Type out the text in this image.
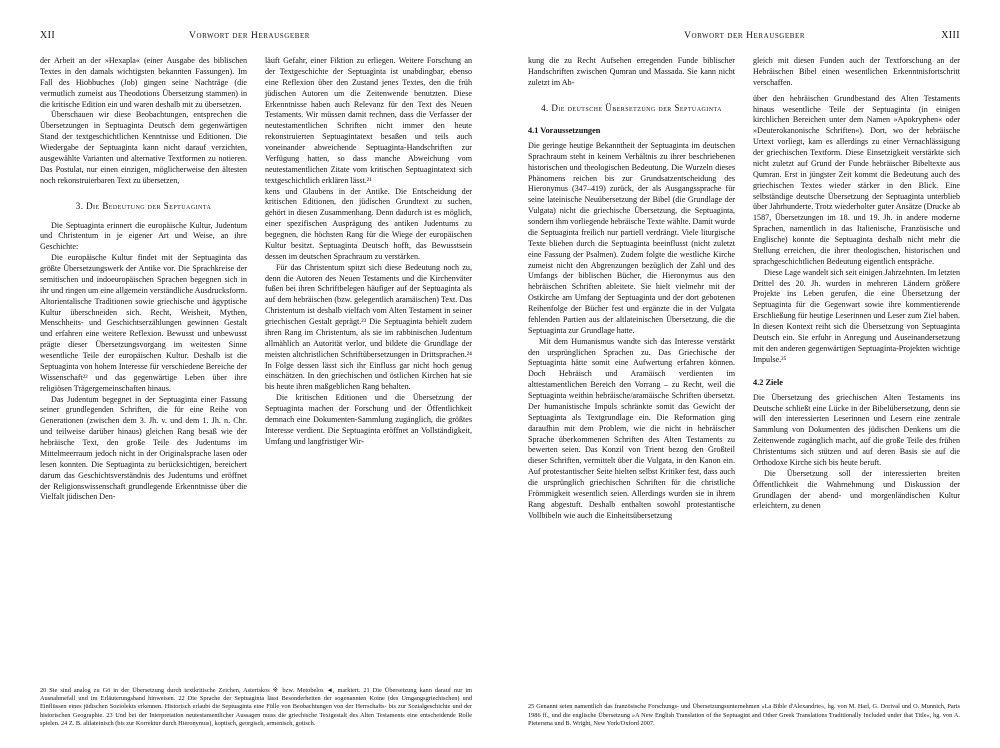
XII	Vorwort der Herausgeber

der Arbeit an der »Hexapla« (einer Ausgabe des biblischen Textes in den damals wichtigsten bekannten Fassungen). Im Fall des Hiobbuches (Job) gingen seine Nachträge (die vermutlich zumeist aus Theodotions Übersetzung stammen) in die kritische Edition ein und waren deshalb mit zu übersetzen.

Überschauen wir diese Beobachtungen, entsprechen die Übersetzungen in Septuaginta Deutsch dem gegenwärtigen Stand der textgeschichtlichen Kenntnisse und Editionen. Die Wiedergabe der Septuaginta kann nicht darauf verzichten, ausgewählte Varianten und alternative Textformen zu notieren. Das Postulat, nur einen einzigen, möglicherweise den ältesten noch rekonstruierbaren Text zu übersetzen,

3. Die Bedeutung der Septuaginta

Die Septuaginta erinnert die europäische Kultur, Judentum und Christentum in je eigener Art und Weise, an ihre Geschichte:

Die europäische Kultur findet mit der Septuaginta das größte Übersetzungswerk der Antike vor. Die Sprachkreise der semitischen und indoeuropäischen Sprachen begegnen sich in ihr und ringen um eine allgemein verständliche Ausdrucksform. Altorientalische Traditionen sowie griechische und ägyptische Kultur überschneiden sich. Recht, Weisheit, Mythen, Menschheits- und Geschichtserzählungen gewinnen Gestalt und erfahren eine weitere Reflexion. Bewusst und unbewusst prägte dieser Übersetzungsvorgang im weitesten Sinne wesentliche Teile der europäischen Kultur. Deshalb ist die Septuaginta von hohem Interesse für verschiedene Bereiche der Wissenschaft²² und das gegenwärtige Leben über ihre religiösen Trägergemeinschaften hinaus.

Das Judentum begegnet in der Septuaginta einer Fassung seiner grundlegenden Schriften, die für eine Reihe von Generationen (zwischen dem 3. Jh. v. und dem 1. Jh. n. Chr. und teilweise darüber hinaus) gleichen Rang besaß wie der hebräische Text, den große Teile des Judentums im Mittelmeerraum jedoch nicht in der Originalsprache lasen oder lesen konnten. Die Septuaginta zu berücksichtigen, bereichert darum das Geschichtsverständnis des Judentums und eröffnet der Religionswissenschaft grundlegende Erkenntnisse über die Vielfalt jüdischen Den-

läuft Gefahr, einer Fiktion zu erliegen. Weitere Forschung an der Textgeschichte der Septuaginta ist unabdingbar, ebenso eine Reflexion über den Zustand jenes Textes, den die früh jüdischen Autoren um die Zeitenwende benutzten. Diese Erkenntnisse haben auch Relevanz für den Text des Neuen Testaments. Wir müssen damit rechnen, dass die Verfasser der neutestamentlichen Schriften nicht immer den heute rekonstruierten Septuagintatext besaßen und teils auch voneinander abweichende Septuaginta-Handschriften zur Verfügung hatten, so dass manche Abweichung vom neutestamentlichen Zitate vom kritischen Septuagintatext sich textgeschichtlich erklären lässt.²¹

kens und Glaubens in der Antike. Die Entscheidung der kritischen Editionen, den jüdischen Grundtext zu suchen, gehört in diesen Zusammenhang. Denn dadurch ist es möglich, einer spezifischen Ausprägung des antiken Judentums zu begegnen, die höchsten Rang für die Wiege der europäischen Kultur besitzt. Septuaginta Deutsch hofft, das Bewusstsein dessen im deutschen Sprachraum zu verstärken.

Für das Christentum spitzt sich diese Bedeutung noch zu, denn die Autoren des Neuen Testaments und die Kirchenväter fußen bei ihren Schriftbelegen häufiger auf der Septuaginta als auf dem hebräischen (bzw. gelegentlich aramäischen) Text. Das Christentum ist deshalb vielfach vom Alten Testament in seiner griechischen Gestalt geprägt.²³ Die Septuaginta behielt zudem ihren Rang im Christentum, als sie im rabbinischen Judentum allmählich an Autorität verlor, und bildete die Grundlage der meisten altchristlichen Schriftübersetzungen in Drittsprachen.²⁴ In Folge dessen lässt sich ihr Einfluss gar nicht hoch genug einschätzen. In den griechischen und östlichen Kirchen hat sie bis heute ihren maßgeblichen Rang behalten.

Die kritischen Editionen und die Übersetzung der Septuaginta machen der Forschung und der Öffentlichkeit demnach eine Dokumenten-Sammlung zugänglich, die größtes Interesse verdient. Die Septuaginta eröffnet an Vollständigkeit, Umfang und langfristiger Wir-

20 Sie sind analog zu Gö in der Übersetzung durch textkritische Zeichen, Asteriskos ※ bzw. Metobelos ◄, markiert. 21 Die Übersetzung kann darauf nur im Ausnahmefall und im Erläuterungsband hinweisen. 22 Die Sprache der Septuaginta lässt Besonderheiten der sogenannten Koine (des Umgangsgriechischen) und Einflüssen eines jüdischen Soziolekts erkennen. Historisch erlaubt die Septuaginta eine Fülle von Beobachtungen von der Herrschafts- bis zur Sozialgeschichte und der historischen Geographie. 23 Und bei der Interpretation neutestamentlicher Aussagen muss die griechische Textgestalt des Alten Testaments eine entscheidende Rolle spielen. 24 Z. B. altlateinisch (bis zur Korrektur durch Hieronymus), koptisch, georgisch, armenisch, gotisch.
Vorwort der Herausgeber	XIII

kung die zu Recht Aufsehen erregenden Funde biblischer Handschriften zwischen Qumran und Massada. Sie kann nicht zuletzt im Ab-

4. Die deutsche Übersetzung der Septuaginta
4.1 Voraussetzungen

Die geringe heutige Bekanntheit der Septuaginta im deutschen Sprachraum steht in keinem Verhältnis zu ihrer beschriebenen historischen und theologischen Bedeutung. Die Wurzeln dieses Phänomens reichen bis zur Grundsatzentscheidung des Hieronymus (347–419) zurück, der als Ausgangssprache für seine lateinische Neuübersetzung der Bibel (die Grundlage der Vulgata) nicht die griechische Übersetzung, die Septuaginta, sondern ihm vorliegende hebräische Texte wählte. Damit wurde die Septuaginta freilich nur partiell verdrängt. Viele liturgische Texte blieben durch die Septuaginta beeinflusst (nicht zuletzt eine Fassung der Psalmen). Zudem folgte die westliche Kirche zumeist nicht den Abgrenzungen bezüglich der Zahl und des Umfangs der biblischen Bücher, die Hieronymus aus den hebräischen Schriften ableitete. Sie hielt vielmehr mit der Ostkirche am Umfang der Septuaginta und der dort gebotenen Reihenfolge der Bücher fest und ergänzte die in der Vulgata fehlenden Partien aus der altlateinischen Übersetzung, die die Septuaginta zur Grundlage hatte.

Mit dem Humanismus wandte sich das Interesse verstärkt den ursprünglichen Sprachen zu. Das Griechische der Septuaginta hätte somit eine Aufwertung erfahren können. Doch Hebräisch und Aramäisch verdienten im alttestamentlichen Bereich den Vorrang – zu Recht, weil die Septuaginta weithin hebräische/aramäische Schriften übersetzt. Der humanistische Impuls schränkte somit das Gewicht der Septuaginta als Textgrundlage ein. Die Reformation ging daraufhin mit dem Problem, wie die nicht in hebräischer Sprache überkommenen Schriften des Alten Testaments zu bewerten seien. Das Konzil von Trient bezog den Großteil dieser Schriften, vermittelt über die Vulgata, in den Kanon ein. Auf protestantischer Seite hielten selbst Kritiker fest, dass auch die ursprünglich griechischen Schriften für die christliche Frömmigkeit wesentlich seien. Allerdings wurden sie in ihrem Rang abgestuft. Deshalb enthalten sowohl protestantische Vollbibeln wie auch die Einheitsübersetzung

gleich mit diesen Funden auch der Textforschung an der Hebräischen Bibel einen wesentlichen Erkenntnisfortschritt verschaffen.

über den hebräischen Grundbestand des Alten Testaments hinaus wesentliche Teile der Septuaginta (in einigen kirchlichen Bereichen unter dem Namen »Apokryphen« oder »Deuterokanonische Schriften«). Dort, wo der hebräische Urtext vorliegt, kam es allerdings zu einer Vernachlässigung der griechischen Textform. Diese Einsetzigkeit verstärkte sich nicht zuletzt auf Grund der Funde hebräischer Bibeltexte aus Qumran. Erst in jüngster Zeit kommt die Bedeutung auch des griechischen Textes wieder stärker in den Blick. Eine selbständige deutsche Übersetzung der Septuaginta unterblieb über Jahrhunderte. Trotz wiederholter guter Ansätze (Drucke ab 1587, Übersetzungen im 18. und 19. Jh. in andere moderne Sprachen, namentlich in das Italienische, Französische und Englische) konnte die Septuaginta deshalb nicht mehr die Stellung erreichen, die ihrer theologischen, historischen und sprachgeschichtlichen Bedeutung eigentlich entspräche.

Diese Lage wandelt sich seit einigen Jahrzehnten. Im letzten Drittel des 20. Jh. wurden in mehreren Ländern größere Projekte ins Leben gerufen, die eine Übersetzung der Septuaginta für die Gegenwart sowie ihre kommentierende Erschließung für heutige Leserinnen und Leser zum Ziel haben. In diesen Kontext reiht sich die Übersetzung von Septuaginta Deutsch ein. Sie erfuhr in Anregung und Auseinandersetzung mit den anderen gegenwärtigen Septuaginta-Projekten wichtige Impulse.²⁵

4.2 Ziele

Die Übersetzung des griechischen Alten Testaments ins Deutsche schließt eine Lücke in der Bibelübersetzung, denn sie will den interessierten Leserinnen und Lesern eine zentrale Sammlung von Dokumenten des jüdischen Denkens um die Zeitenwende zugänglich macht, auf die große Teile des frühen Christentums sich stützen und auf deren Basis sie auf die Orthodoxe Kirche sich bis heute beruft.

Die Übersetzung soll der interessierten breiten Öffentlichkeit die Wahrnehmung und Diskussion der Grundlagen der abend- und morgenländischen Kultur erleichtern, zu denen

25 Genannt seien namentlich das französische Forschungs- und Übersetzungsunternehmen »La Bible d'Alexandrie«, hg. von M. Harl, G. Dorival und O. Munnich, Paris 1986 ff., und die englische Übersetzung »A New English Translation of the Septuagint and Other Greek Translations Traditionally Included under that Title«, hg. von A. Pietersma und B. Wright, New York/Oxford 2007.
